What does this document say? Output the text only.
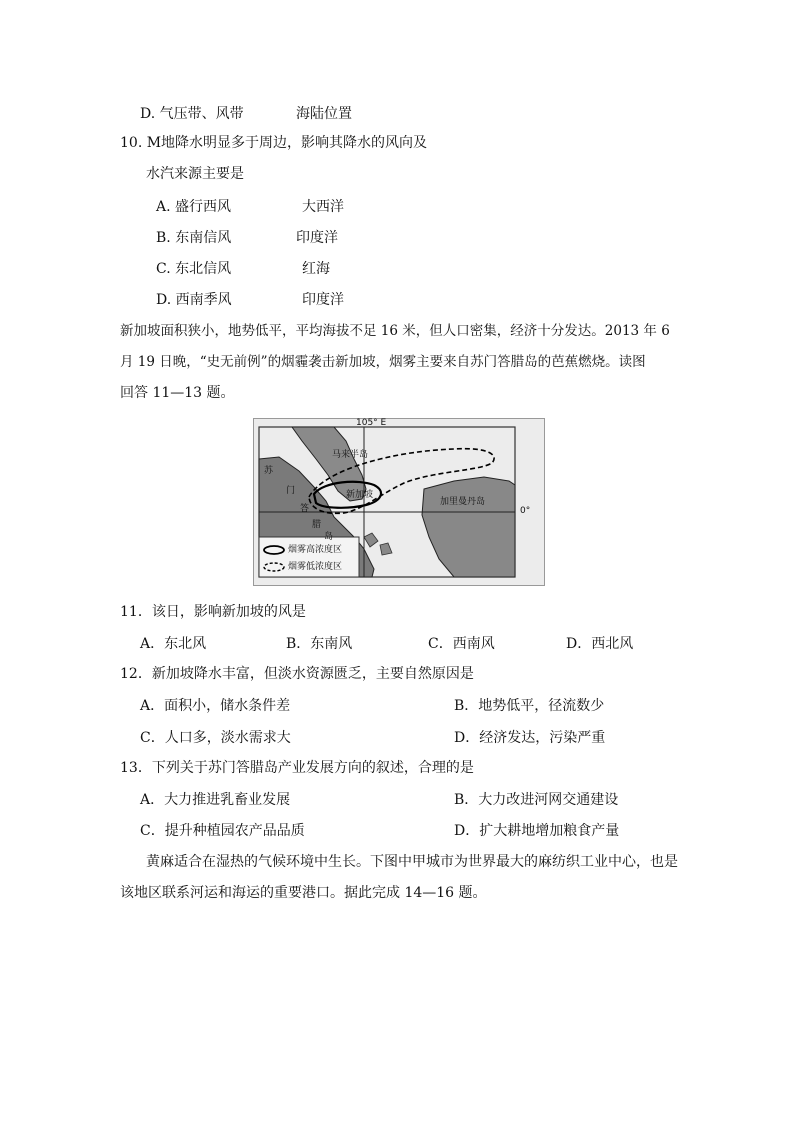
D. 气压带、风带	海陆位置
10. M地降水明显多于周边，影响其降水的风向及
水汽来源主要是
A. 盛行西风	大西洋
B. 东南信风	印度洋
C. 东北信风	红海
D. 西南季风	印度洋
新加坡面积狭小，地势低平，平均海拔不足 16 米，但人口密集，经济十分发达。2013 年 6
月 19 日晚，“史无前例”的烟霾袭击新加坡，烟雾主要来自苏门答腊岛的芭蕉燃烧。读图
回答 11—13 题。
105° E
0°
马来半岛
苏
门
答
腊
岛
新加坡
加里曼丹岛
烟雾高浓度区
烟雾低浓度区
11．该日，影响新加坡的风是
A．东北风	B．东南风	C．西南风	D．西北风
12．新加坡降水丰富，但淡水资源匮乏，主要自然原因是
A．面积小，储水条件差	B．地势低平，径流数少
C．人口多，淡水需求大	D．经济发达，污染严重
13．下列关于苏门答腊岛产业发展方向的叙述，合理的是
A．大力推进乳畜业发展	B．大力改进河网交通建设
C．提升种植园农产品品质	D．扩大耕地增加粮食产量
黄麻适合在湿热的气候环境中生长。下图中甲城市为世界最大的麻纺织工业中心，也是
该地区联系河运和海运的重要港口。据此完成 14—16 题。
